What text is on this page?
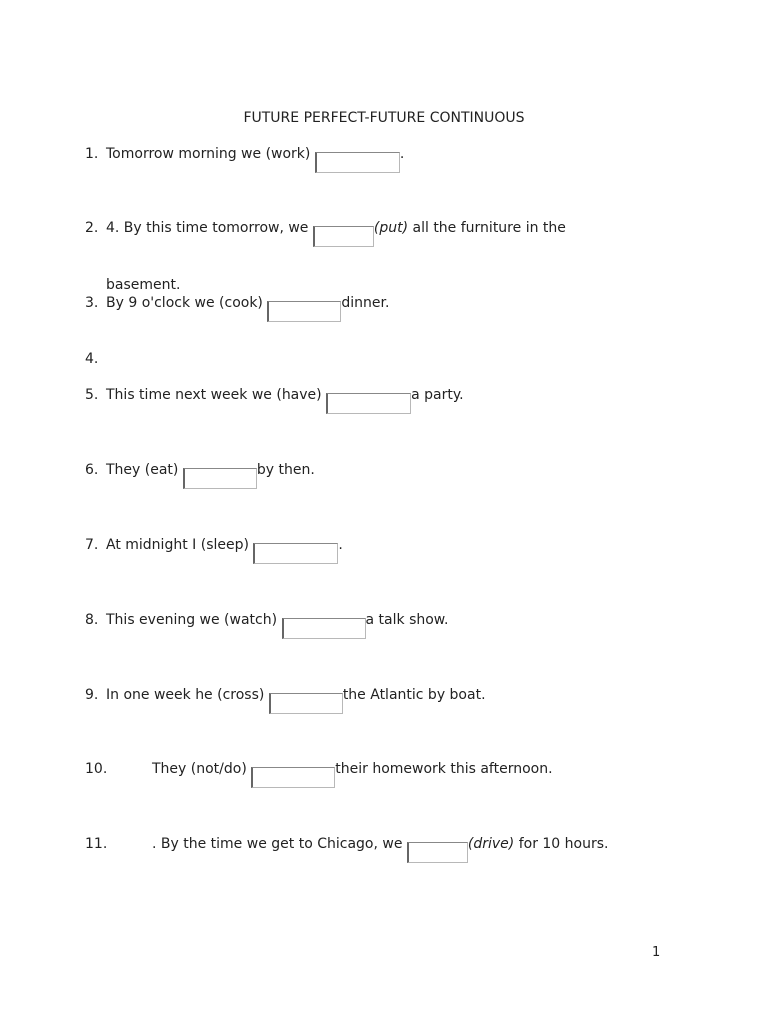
FUTURE PERFECT-FUTURE CONTINUOUS
1. Tomorrow morning we (work)	.
2. 4. By this time tomorrow, we	(put) all the furniture in the
basement.
3. By 9 o'clock we (cook)	dinner.
4.
5. This time next week we (have)	a party.
6. They (eat)	by then.
7. At midnight I (sleep)	.
8. This evening we (watch)	a talk show.
9. In one week he (cross)	the Atlantic by boat.
10.	They (not/do)	their homework this afternoon.
11.	. By the time we get to Chicago, we	(drive) for 10 hours.
1
